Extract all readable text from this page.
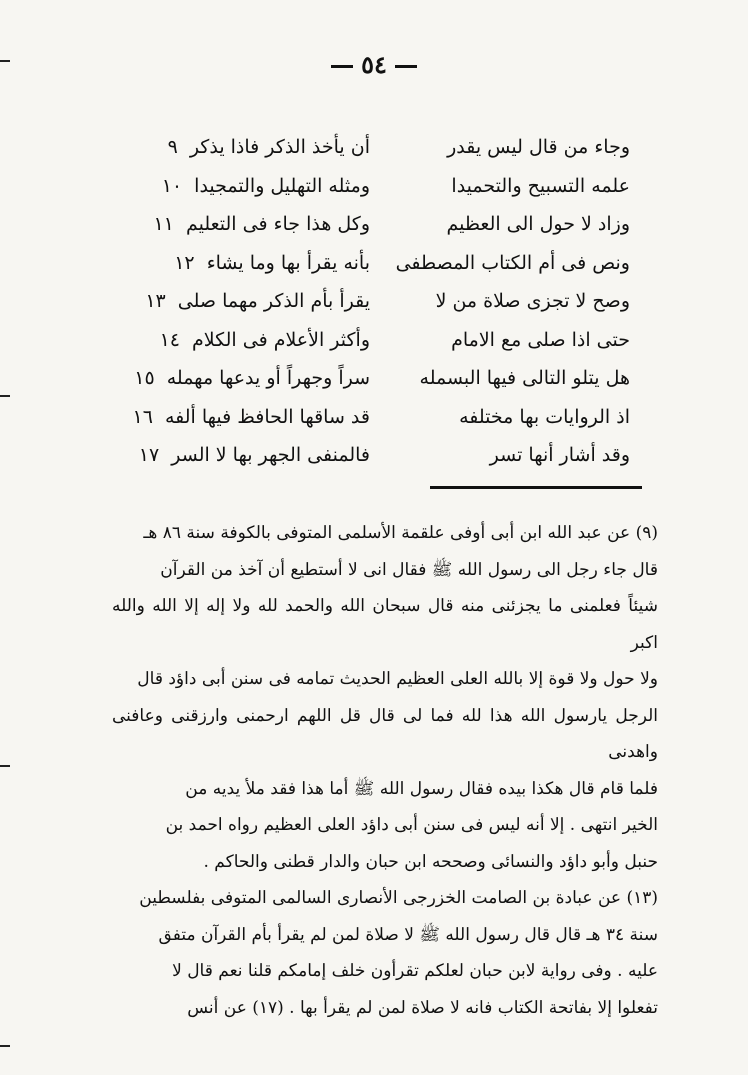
٥٤
وجاء من قال ليس يقدر
أن يأخذ الذكر فاذا يذكر ٩
علمه التسبيح والتحميدا
ومثله التهليل والتمجيدا ١٠
وزاد لا حول الى العظيم
وكل هذا جاء فى التعليم ١١
ونص فى أم الكتاب المصطفى
بأنه يقرأ بها وما يشاء ١٢
وصح لا تجزى صلاة من لا
يقرأ بأم الذكر مهما صلى ١٣
حتى اذا صلى مع الامام
وأكثر الأعلام فى الكلام ١٤
هل يتلو التالى فيها البسمله
سراً وجهراً أو يدعها مهمله ١٥
اذ الروايات بها مختلفه
قد ساقها الحافظ فيها ألفه ١٦
وقد أشار أنها تسر
فالمنفى الجهر بها لا السر ١٧

(٩) عن عبد الله ابن أبى أوفى علقمة الأسلمى المتوفى بالكوفة سنة ٨٦ هـ

قال جاء رجل الى رسول الله ﷺ فقال انى لا أستطيع أن آخذ من القرآن

شيئاً فعلمنى ما يجزئنى منه قال سبحان الله والحمد لله ولا إله إلا الله والله اكبر

ولا حول ولا قوة إلا بالله العلى العظيم الحديث تمامه فى سنن أبى داؤد قال

الرجل يارسول الله هذا لله فما لى قال قل اللهم ارحمنى وارزقنى وعافنى واهدنى

فلما قام قال هكذا بيده فقال رسول الله ﷺ أما هذا فقد ملأ يديه من

الخير انتهى . إلا أنه ليس فى سنن أبى داؤد العلى العظيم رواه احمد بن

حنبل وأبو داؤد والنسائى وصححه ابن حبان والدار قطنى والحاكم .

(١٣) عن عبادة بن الصامت الخزرجى الأنصارى السالمى المتوفى بفلسطين

سنة ٣٤ هـ قال قال رسول الله ﷺ لا صلاة لمن لم يقرأ بأم القرآن متفق

عليه . وفى رواية لابن حبان لعلكم تقرأون خلف إمامكم قلنا نعم قال لا

تفعلوا إلا بفاتحة الكتاب فانه لا صلاة لمن لم يقرأ بها . (١٧) عن أنس
